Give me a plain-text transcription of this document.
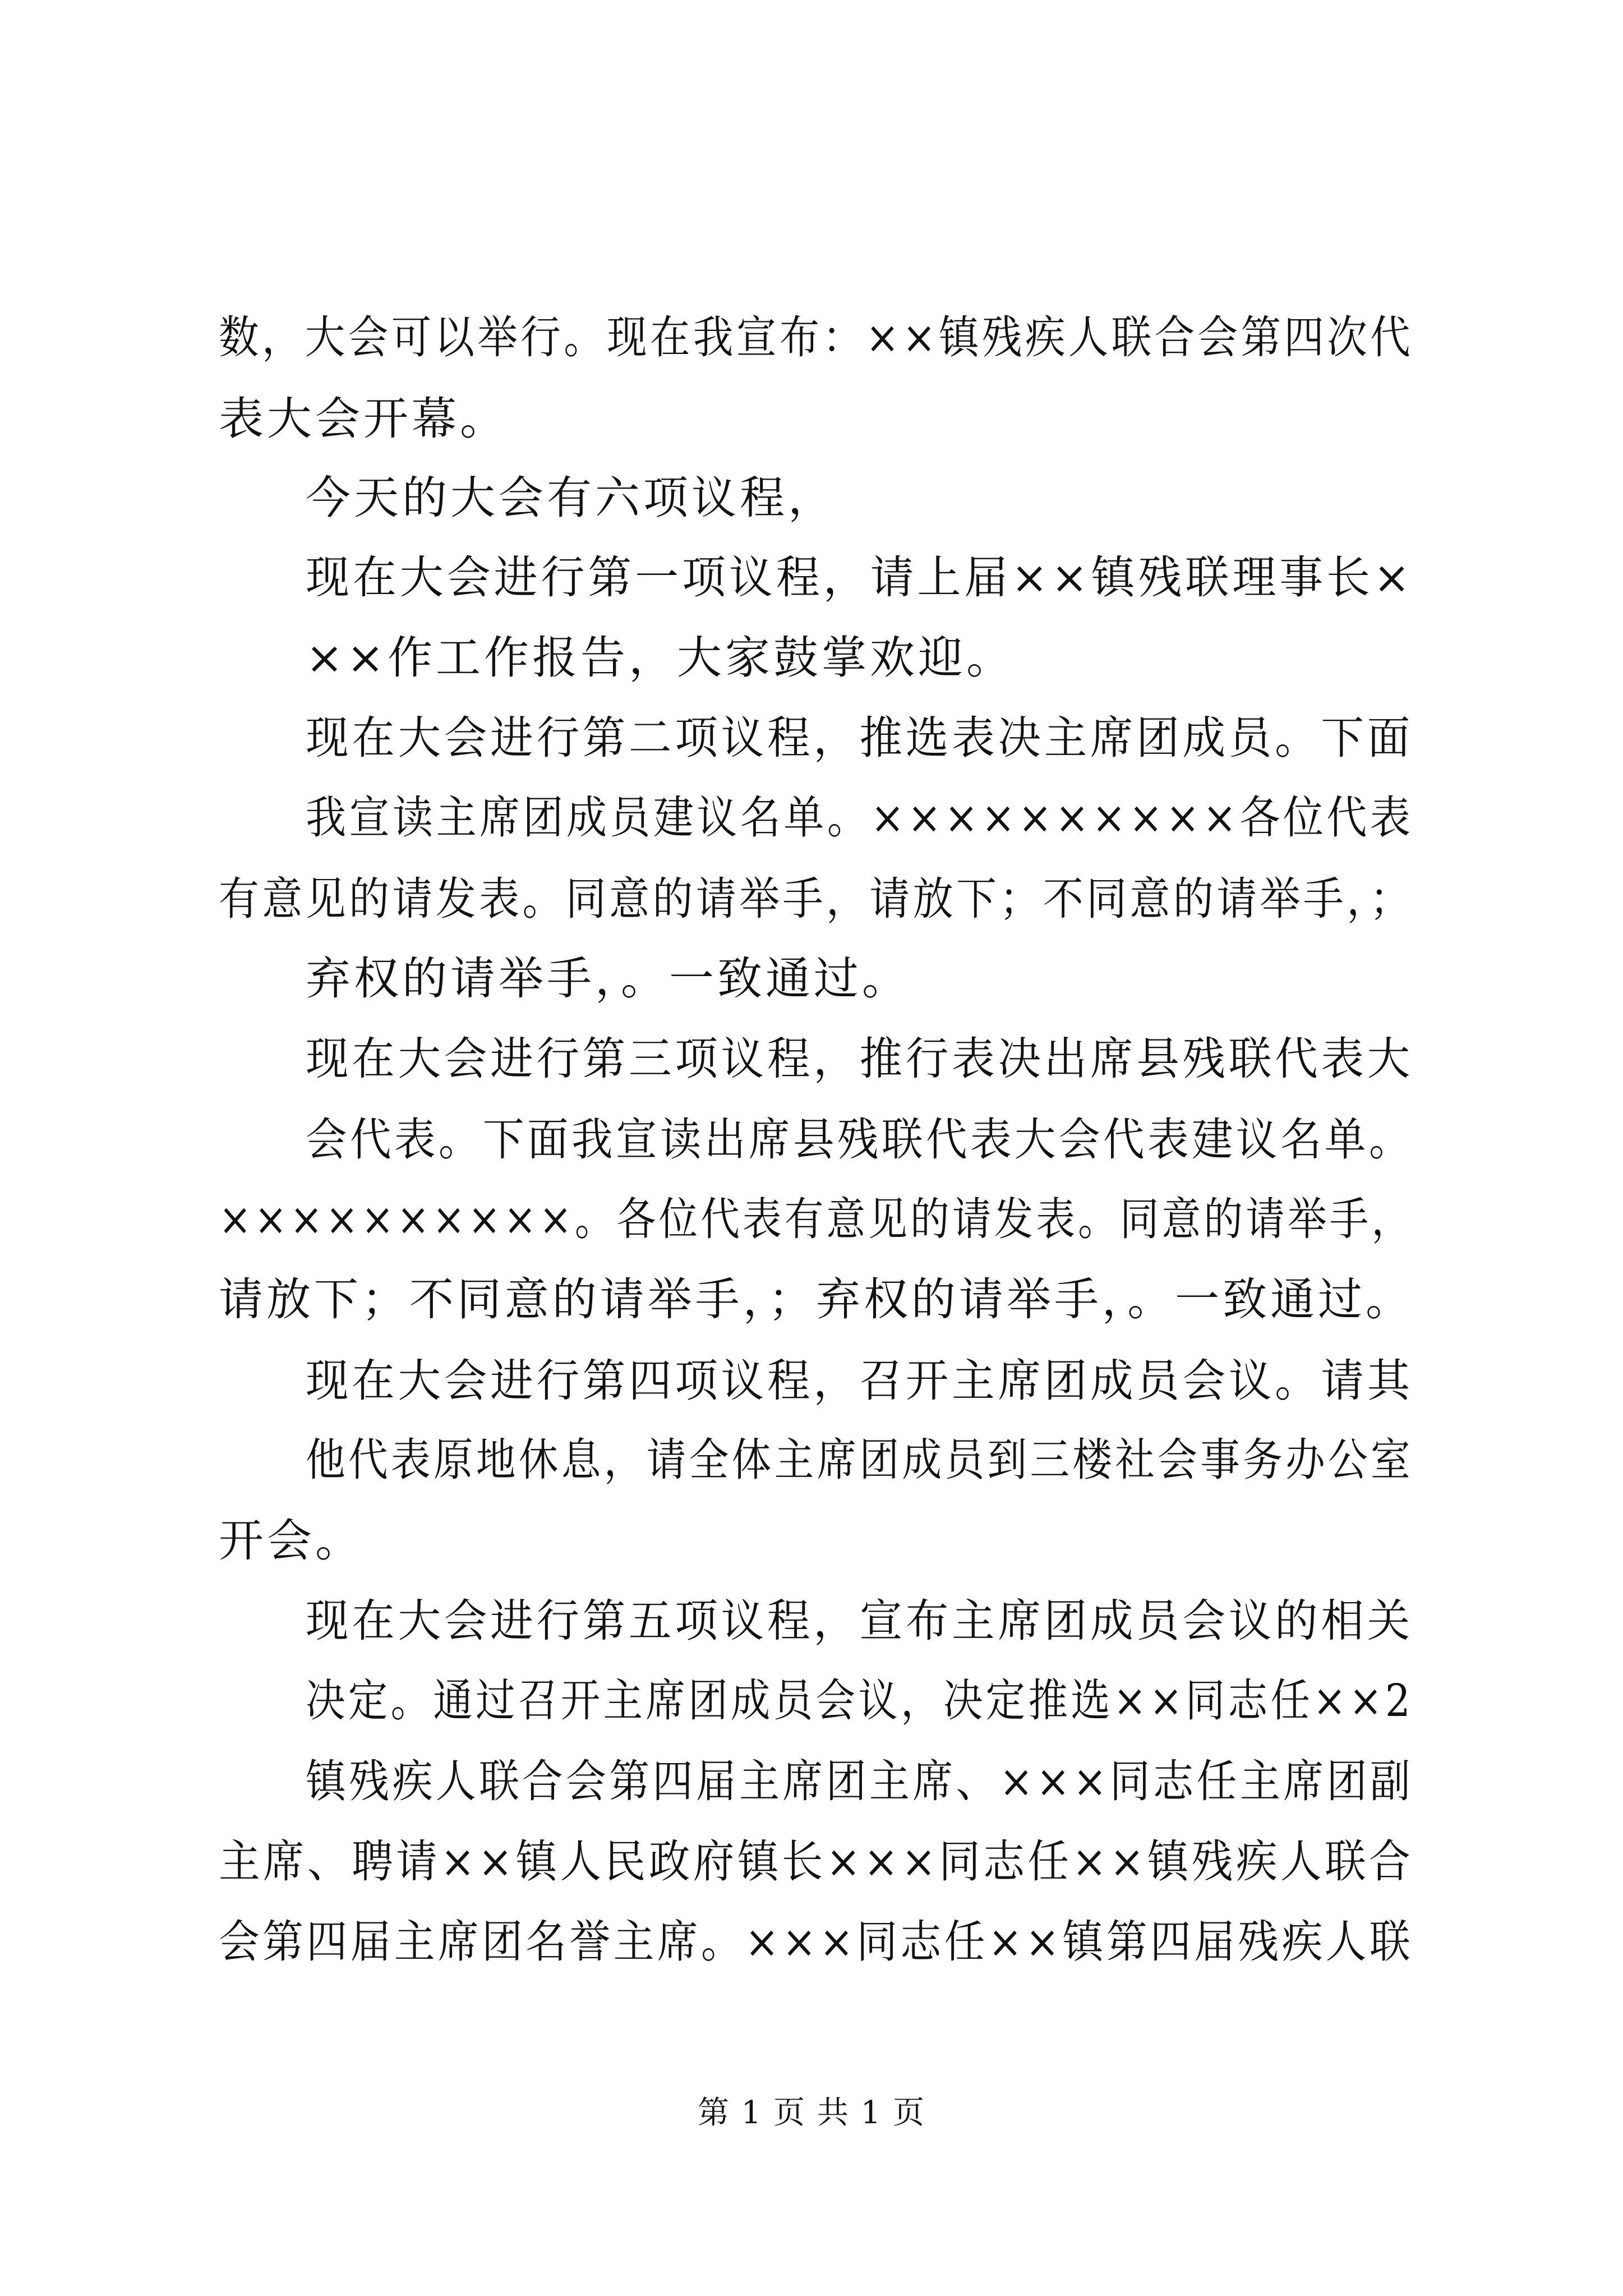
数，大会可以举行。现在我宣布：××镇残疾人联合会第四次代
表大会开幕。
今天的大会有六项议程，
现在大会进行第一项议程，请上届××镇残联理事长×
××作工作报告，大家鼓掌欢迎。
现在大会进行第二项议程，推选表决主席团成员。下面
我宣读主席团成员建议名单。××××××××××各位代表
有意见的请发表。同意的请举手，请放下；不同意的请举手，；
弃权的请举手，。一致通过。
现在大会进行第三项议程，推行表决出席县残联代表大
会代表。下面我宣读出席县残联代表大会代表建议名单。
××××××××××。各位代表有意见的请发表。同意的请举手，
请放下；不同意的请举手，；弃权的请举手，。一致通过。
现在大会进行第四项议程，召开主席团成员会议。请其
他代表原地休息，请全体主席团成员到三楼社会事务办公室
开会。
现在大会进行第五项议程，宣布主席团成员会议的相关
决定。通过召开主席团成员会议，决定推选××同志任××2
镇残疾人联合会第四届主席团主席、×××同志任主席团副
主席、聘请××镇人民政府镇长×××同志任××镇残疾人联合
会第四届主席团名誉主席。×××同志任××镇第四届残疾人联
第 1 页 共 1 页
